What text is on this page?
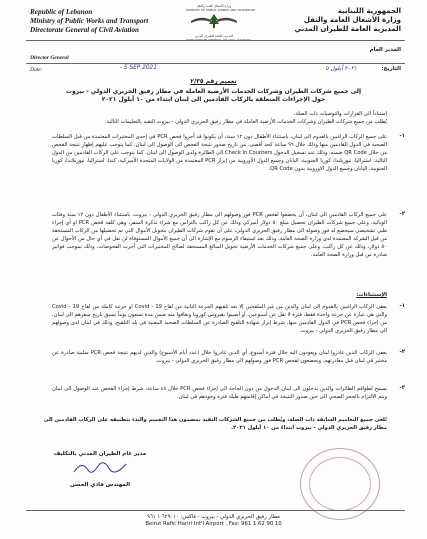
Republic of Lebanon
Ministry of Public Works and Transport
Directorate General of Civil Aviation
وزارة الأشغال العامة والنقل
MINISTRY OF PUBLIC WORKS AND TRANSPORT
المديرية العامة للطيران المدني
DIRECTORATE GENERAL OF CIVIL AVIATION
الجمهورية اللبنانية
وزارة الأشغال العامة والنقل
المديرية العامة للطيران المدني
Director General
المدير العام
Date:	- 5 SEP 2021	التاريخ:
٢٠٢١ أيلول ٥
تعميم رقم ٢/٣٥
إلى جميع شركات الطيران وشركات الخدمات الأرضية العاملة في مطار رفيق الحريري الدولي - بيروت
حول الإجراءات المتعلقة بالركاب القادمين الى لبنان ابتداء من ١٠ أيلول ٢٠٢١
إستناداً الى القرارات والتوصيات ذات الصلة،
يُطلب من جميع شركات الطيران وشركات الخدمات الأرضية العاملة في مطار رفيق الحريري الدولي - بيروت التقيد بالتعليمات التالية:
-١
على جميع الركاب الراغبين بالقدوم الى لبنان، باستثناء الأطفال دون ١٢ سنة، أن يكونوا قد أجروا فحص PCR في إحدى المختبرات المعتمدة من قبل السلطات الصحية في الدول القادمين منها وذلك خلال ٩٦ ساعة كحد أقصى، من تاريخ صدور نتيجة الفحص الى الوصول الى لبنان. كما يتوجب عليهم إظهار نتيجة الفحص من خلال QR Code ضمنه، وذلك عند تسجيل الدخول Check in Counters الى الطائرة ولدى الوصول الى لبنان. كما يتوجب على الركاب القادمين من الدول التالية: استراليا، نيوزيلندا، كوريا الجنوبية، اليابان وجميع الدول الأوروبية من إبراز PCR المعتمدة من الولايات المتحدة الأميركية، كندا، استراليا، نيوزيلاندا، كوريا الجنوبية، اليابان وجميع الدول الاوروبية بدون QR Code.
-٢
على جميع الركاب القادمين الى لبنان، أن يخضعوا لفحص PCR فور وصولهم الى مطار رفيق الحريري الدولي - بيروت، باستثناء الأطفال دون ١٢ سنة وفئات الوبائية، وعلى جميع شركات الطيران تحصيل مبلغ ٥٠ دولار أميركي وذلك عن كل راكب بالتزامن مع شراء تذكرة السفر، وهي كلفة فحص PCR او أي إجراء طبي تشخيصي سيخضع له فور وصوله الى مطار رفيق الحريري الدولي، على أن تقوم شركات الطيران بتحويل الأموال التي تم تحصيلها من الركاب المستحقة من قبل الشركة المعتمدة لدى وزارة الصحة العامة، وذلك بعد استيفاء الرسوم مع الإشارة الى أن جميع الأموال المستوفاة لن تقل في أي حال من الأحوال عن ٥٠ دولار، وذلك عن كل راكب، وعلى جميع شركات الخدمات الأرضية تحويل المبالغ المستحقة لصالح المختبرات التي أجرت الفحوصات، وذلك بموجب فواتير صادرة من قبل وزارة الصحة العامة.
الإستثناءات:
-١
يعفى الركاب الراغبين بالقدوم الى لبنان والذين من غير الملقحين إلا بعد تلقيهم الجرعة الثانية من لقاح Covid - 19 او جرعة كاملة من لقاح Covid - 19 والتي هي عبارة عن جرعة واحدة فقط، فترة لا تقل عن أسبوعين، أو أصيبوا بفيروس كورونا وتعافوا منه ضمن مدة تسعون يوماً تسبق تاريخ سفرهم الى لبنان، من إجراء فحص PCR في الدول القادمين منها، شرط إبراز شهادة التلقيح الصادرة عن السلطات الصحية المعنية في بلد التلقيح، وذلك في لبنان لدى وصولهم الى مطار رفيق الحريري الدولي - بيروت.
-٢
يعفى الركاب الذين غادروا لبنان ويعودون اليه خلال فترة أسبوع، أي الذين غادروا خلال (عدد أيام الأسبوع) والذين لديهم نتيجة فحص PCR سلبية صادرة عن مختبر في لبنان قبل مغادرتهم، ويخضعون لفحص PCR فور وصولهم الى مطار رفيق الحريري الدولي - بيروت.
-٣
يسمح لطواقم الطائرات والذين يدخلون الى لبنان الدخول من دون الحاجة الى إجراء فحص PCR خلال ٤٨ ساعة، شرط إجراء الفحص عند الوصول الى لبنان ويتم الالتزام بالحجر الصحي الى حين صدور النتيجة في أماكن إقامتهم طيلة فترة وجودهم في لبنان.
تُلغى جميع التعاميم السابقة ذات الصلة، ويُطلب من جميع الشركات التقيد بمضمون هذا التعميم والبدء بتطبيقه على الركاب القادمين الى مطار رفيق الحريري الدولي - بيروت ابتداءً من ١٠ أيلول ٢٠٢١.
مدير عام الطيران المدني بالتكليف
المهندس فادي الحسن
مطار رفيق الحريري الدولي - بيروت - فاكس: ٦٢٩٠١٠ ١ ٩٦١
Beirut Rafic Hariri Int'l Airport , Fax: 961 1 62 90 10
